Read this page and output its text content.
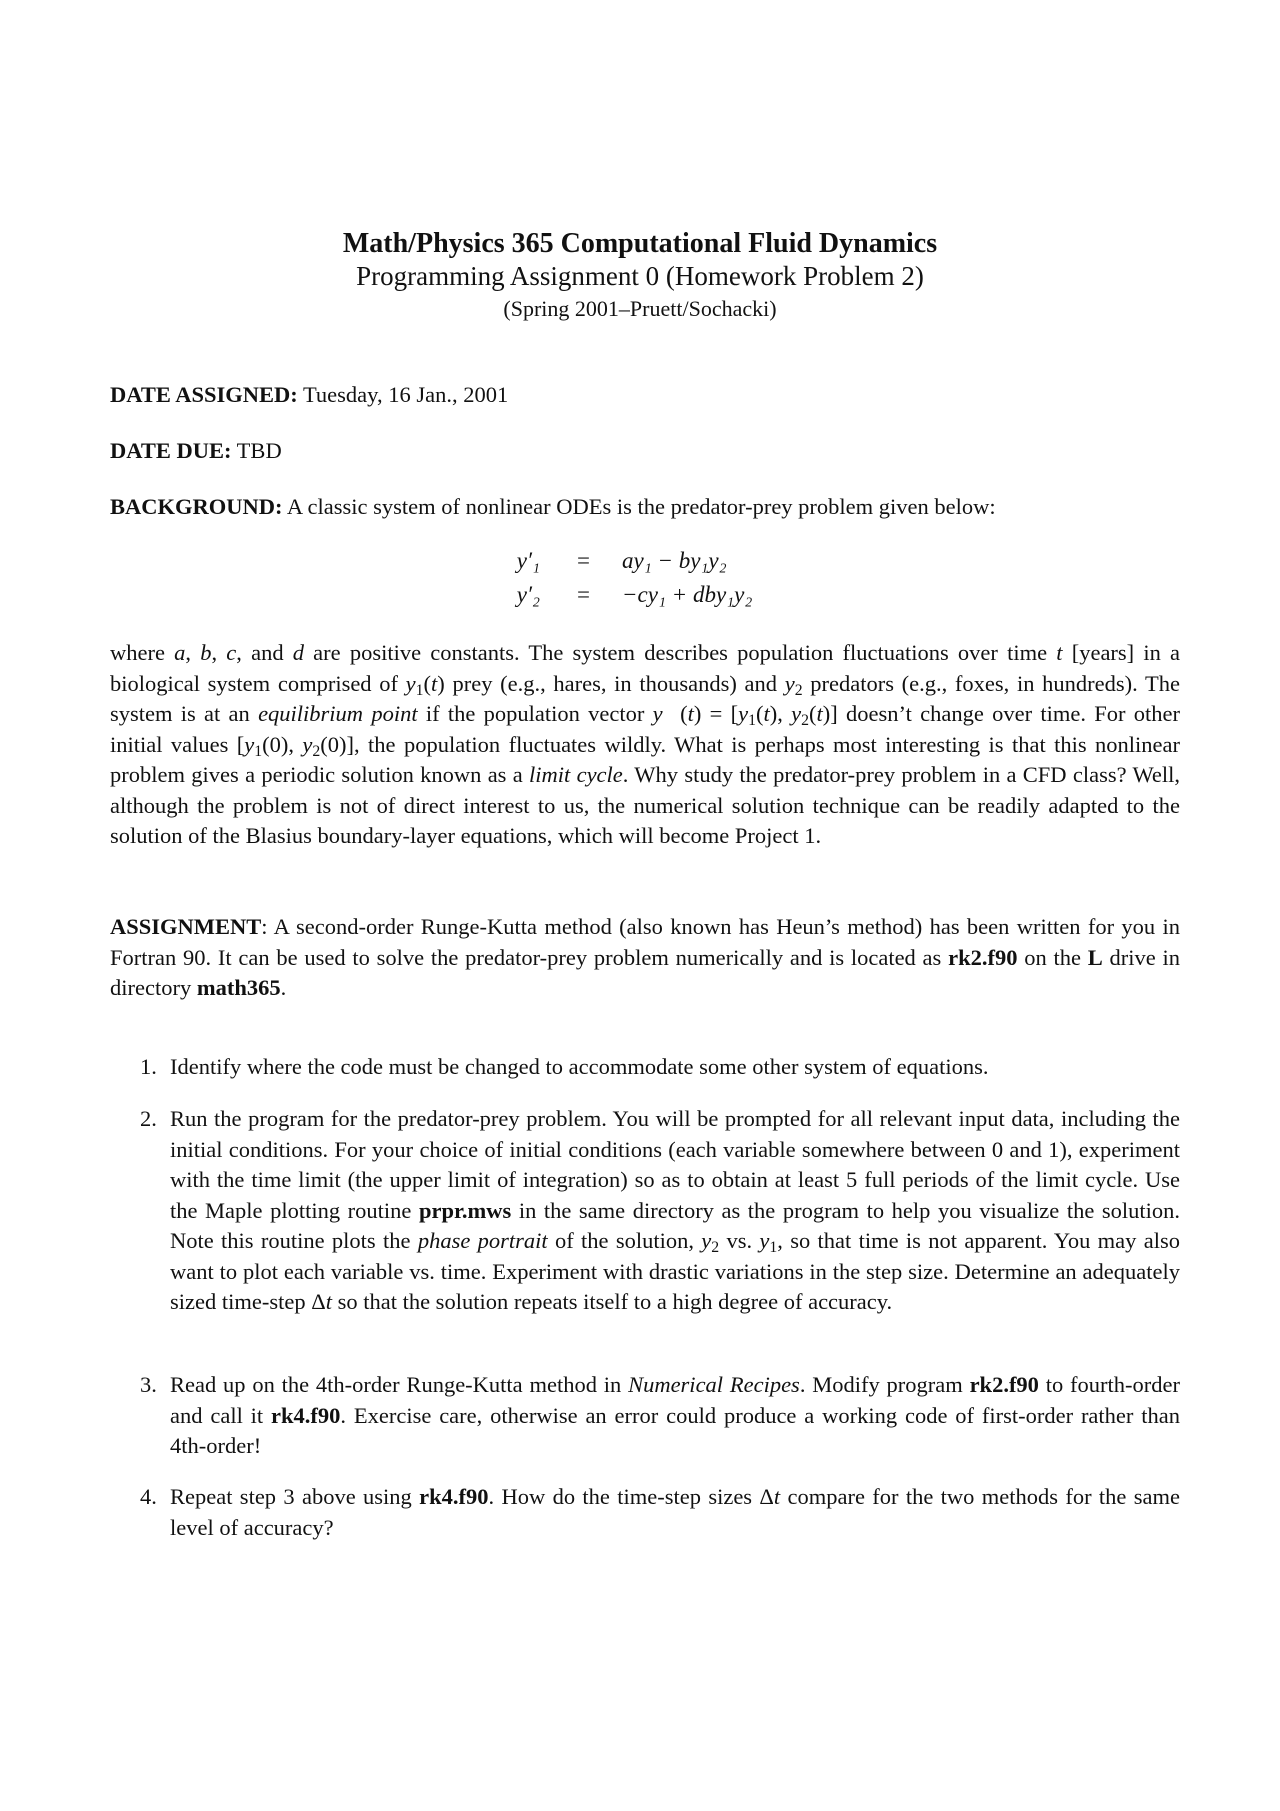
Math/Physics 365 Computational Fluid Dynamics
Programming Assignment 0 (Homework Problem 2)
(Spring 2001–Pruett/Sochacki)
DATE ASSIGNED: Tuesday, 16 Jan., 2001
DATE DUE: TBD
BACKGROUND: A classic system of nonlinear ODEs is the predator-prey problem given below:
y′₁ = ay₁ − by₁y₂
y′₂ = −cy₁ + dby₁y₂
where a, b, c, and d are positive constants. The system describes population fluctuations over time t [years] in a biological system comprised of $y_1(t)$ prey (e.g., hares, in thousands) and $y_2$ predators (e.g., foxes, in hundreds). The system is at an equilibrium point if the population vector y⃗(t) = [$y_1(t)$, $y_2(t)$] doesn’t change over time. For other initial values [$y_1(0)$, $y_2(0)$], the population fluctuates wildly. What is perhaps most interesting is that this nonlinear problem gives a periodic solution known as a limit cycle. Why study the predator-prey problem in a CFD class? Well, although the problem is not of direct interest to us, the numerical solution technique can be readily adapted to the solution of the Blasius boundary-layer equations, which will become Project 1.
ASSIGNMENT: A second-order Runge-Kutta method (also known has Heun’s method) has been written for you in Fortran 90. It can be used to solve the predator-prey problem numerically and is located as rk2.f90 on the L drive in directory math365.
1. Identify where the code must be changed to accommodate some other system of equations.
2. Run the program for the predator-prey problem. You will be prompted for all relevant input data, including the initial conditions. For your choice of initial conditions (each variable somewhere between 0 and 1), experiment with the time limit (the upper limit of integration) so as to obtain at least 5 full periods of the limit cycle. Use the Maple plotting routine prpr.mws in the same directory as the program to help you visualize the solution. Note this routine plots the phase portrait of the solution, $y_2$ vs. $y_1$, so that time is not apparent. You may also want to plot each variable vs. time. Experiment with drastic variations in the step size. Determine an adequately sized time-step Δt so that the solution repeats itself to a high degree of accuracy.
3. Read up on the 4th-order Runge-Kutta method in Numerical Recipes. Modify program rk2.f90 to fourth-order and call it rk4.f90. Exercise care, otherwise an error could produce a working code of first-order rather than 4th-order!
4. Repeat step 3 above using rk4.f90. How do the time-step sizes Δt compare for the two methods for the same level of accuracy?
